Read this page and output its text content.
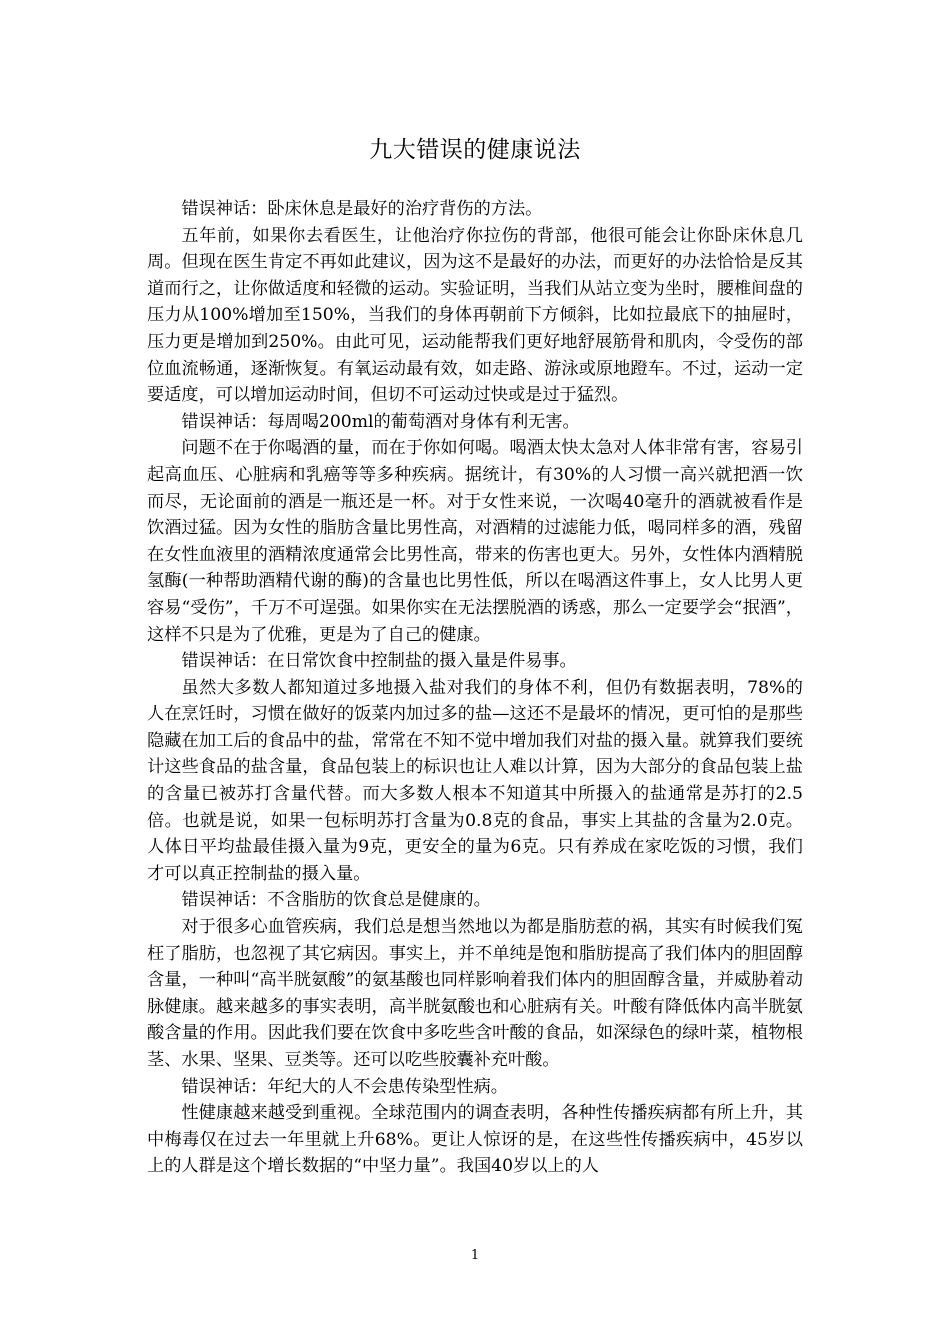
九大错误的健康说法

错误神话：卧床休息是最好的治疗背伤的方法。

五年前，如果你去看医生，让他治疗你拉伤的背部，他很可能会让你卧床休息几周。但现在医生肯定不再如此建议，因为这不是最好的办法，而更好的办法恰恰是反其道而行之，让你做适度和轻微的运动。实验证明，当我们从站立变为坐时，腰椎间盘的压力从100%增加至150%，当我们的身体再朝前下方倾斜，比如拉最底下的抽屉时，压力更是增加到250%。由此可见，运动能帮我们更好地舒展筋骨和肌肉，令受伤的部位血流畅通，逐渐恢复。有氧运动最有效，如走路、游泳或原地蹬车。不过，运动一定要适度，可以增加运动时间，但切不可运动过快或是过于猛烈。

错误神话：每周喝200ml的葡萄酒对身体有利无害。

问题不在于你喝酒的量，而在于你如何喝。喝酒太快太急对人体非常有害，容易引起高血压、心脏病和乳癌等等多种疾病。据统计，有30%的人习惯一高兴就把酒一饮而尽，无论面前的酒是一瓶还是一杯。对于女性来说，一次喝40毫升的酒就被看作是饮酒过猛。因为女性的脂肪含量比男性高，对酒精的过滤能力低，喝同样多的酒，残留在女性血液里的酒精浓度通常会比男性高，带来的伤害也更大。另外，女性体内酒精脱氢酶(一种帮助酒精代谢的酶)的含量也比男性低，所以在喝酒这件事上，女人比男人更容易“受伤”，千万不可逞强。如果你实在无法摆脱酒的诱惑，那么一定要学会“抿酒”，这样不只是为了优雅，更是为了自己的健康。

错误神话：在日常饮食中控制盐的摄入量是件易事。

虽然大多数人都知道过多地摄入盐对我们的身体不利，但仍有数据表明，78%的人在烹饪时，习惯在做好的饭菜内加过多的盐—这还不是最坏的情况，更可怕的是那些隐藏在加工后的食品中的盐，常常在不知不觉中增加我们对盐的摄入量。就算我们要统计这些食品的盐含量，食品包装上的标识也让人难以计算，因为大部分的食品包装上盐的含量已被苏打含量代替。而大多数人根本不知道其中所摄入的盐通常是苏打的2.5倍。也就是说，如果一包标明苏打含量为0.8克的食品，事实上其盐的含量为2.0克。人体日平均盐最佳摄入量为9克，更安全的量为6克。只有养成在家吃饭的习惯，我们才可以真正控制盐的摄入量。

错误神话：不含脂肪的饮食总是健康的。

对于很多心血管疾病，我们总是想当然地以为都是脂肪惹的祸，其实有时候我们冤枉了脂肪，也忽视了其它病因。事实上，并不单纯是饱和脂肪提高了我们体内的胆固醇含量，一种叫“高半胱氨酸”的氨基酸也同样影响着我们体内的胆固醇含量，并威胁着动脉健康。越来越多的事实表明，高半胱氨酸也和心脏病有关。叶酸有降低体内高半胱氨酸含量的作用。因此我们要在饮食中多吃些含叶酸的食品，如深绿色的绿叶菜，植物根茎、水果、坚果、豆类等。还可以吃些胶囊补充叶酸。

错误神话：年纪大的人不会患传染型性病。

性健康越来越受到重视。全球范围内的调查表明，各种性传播疾病都有所上升，其中梅毒仅在过去一年里就上升68%。更让人惊讶的是，在这些性传播疾病中，45岁以上的人群是这个增长数据的“中坚力量”。我国40岁以上的人

1
